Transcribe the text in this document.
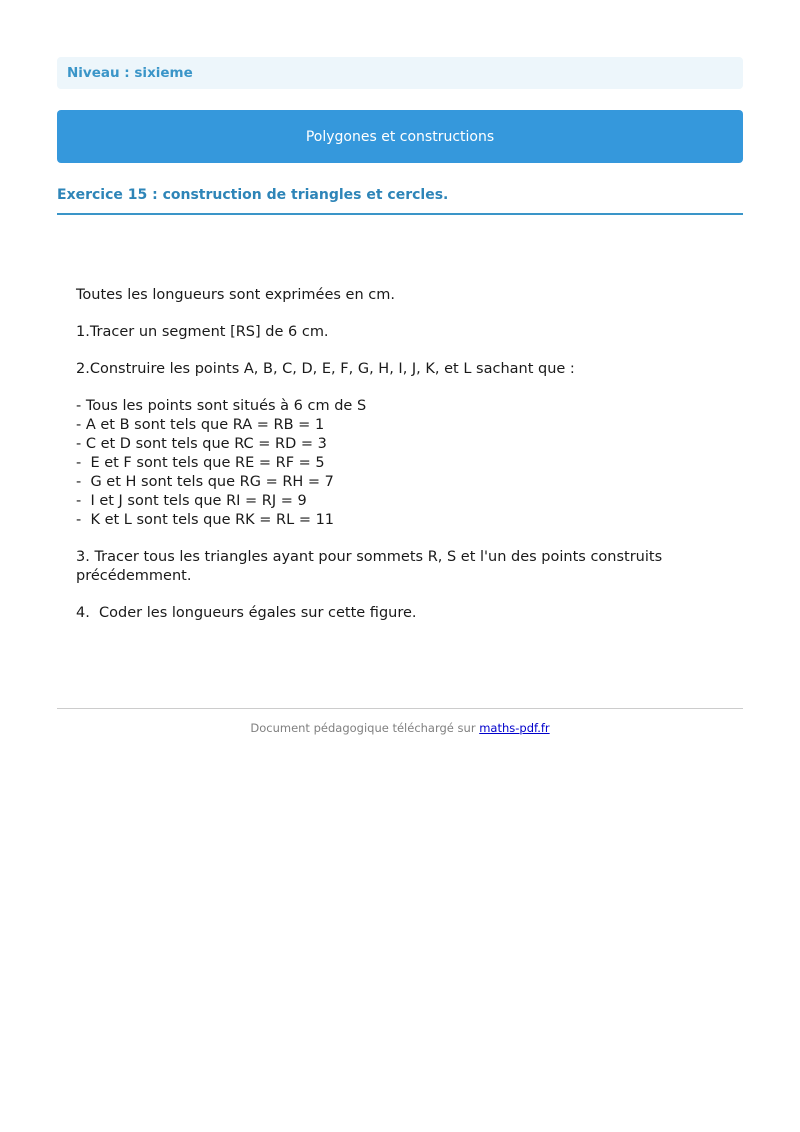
Niveau : sixieme
Polygones et constructions
Exercice 15 : construction de triangles et cercles.

Toutes les longueurs sont exprimées en cm.

1.Tracer un segment [RS] de 6 cm.

2.Construire les points A, B, C, D, E, F, G, H, I, J, K, et L sachant que :

- Tous les points sont situés à 6 cm de S

- A et B sont tels que RA = RB = 1

- C et D sont tels que RC = RD = 3

-  E et F sont tels que RE = RF = 5

-  G et H sont tels que RG = RH = 7

-  I et J sont tels que RI = RJ = 9

-  K et L sont tels que RK = RL = 11

3. Tracer tous les triangles ayant pour sommets R, S et l'un des points construits

précédemment.

4.  Coder les longueurs égales sur cette figure.

Document pédagogique téléchargé sur maths-pdf.fr
